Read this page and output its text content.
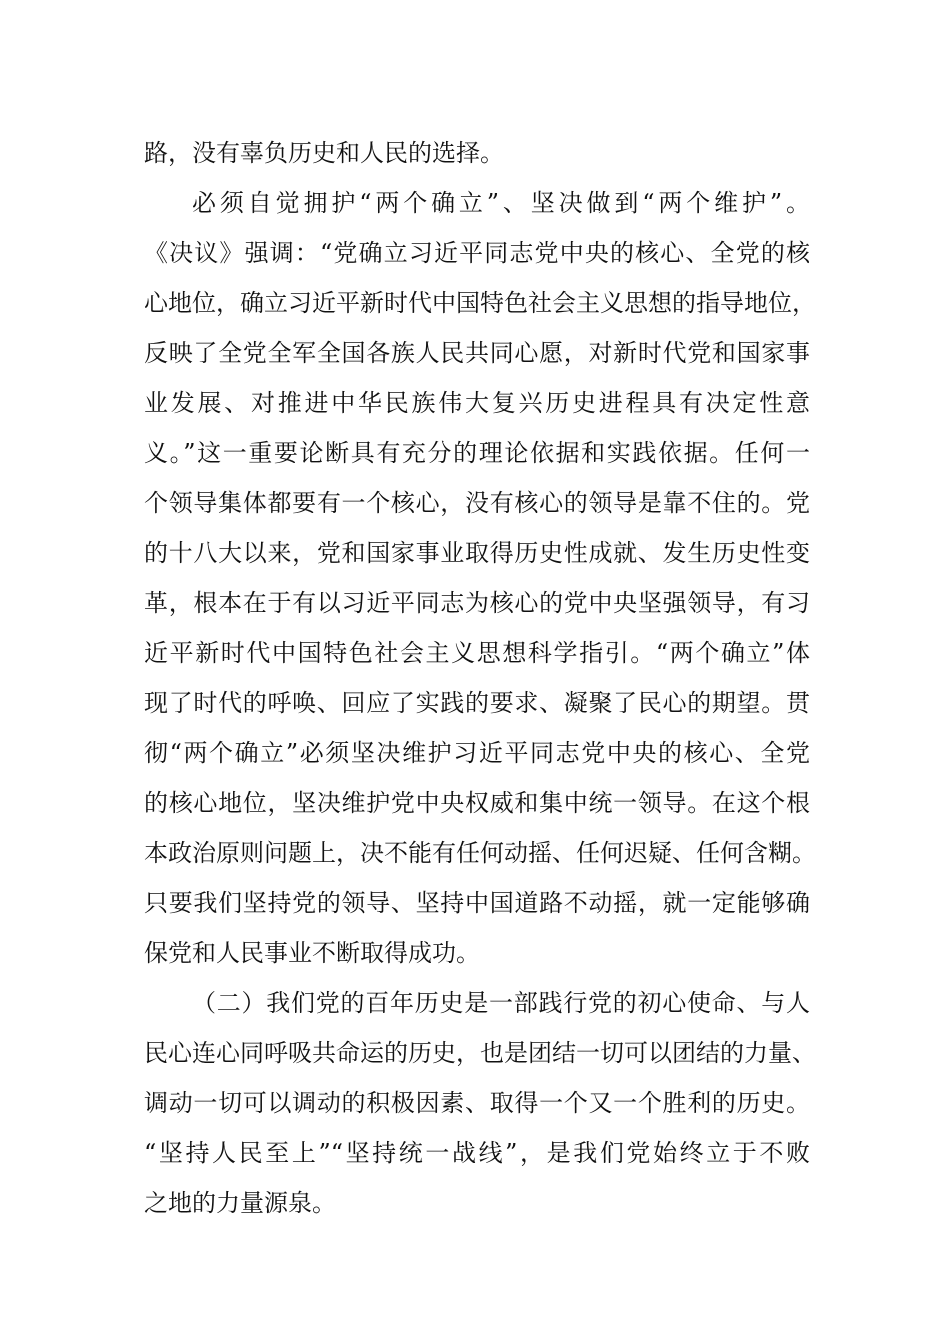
路，没有辜负历史和人民的选择。
必须自觉拥护“两个确立”、坚决做到“两个维护”。
《决议》强调：“党确立习近平同志党中央的核心、全党的核
心地位，确立习近平新时代中国特色社会主义思想的指导地位，
反映了全党全军全国各族人民共同心愿，对新时代党和国家事
业发展、对推进中华民族伟大复兴历史进程具有决定性意
义。”这一重要论断具有充分的理论依据和实践依据。任何一
个领导集体都要有一个核心，没有核心的领导是靠不住的。党
的十八大以来，党和国家事业取得历史性成就、发生历史性变
革，根本在于有以习近平同志为核心的党中央坚强领导，有习
近平新时代中国特色社会主义思想科学指引。“两个确立”体
现了时代的呼唤、回应了实践的要求、凝聚了民心的期望。贯
彻“两个确立”必须坚决维护习近平同志党中央的核心、全党
的核心地位，坚决维护党中央权威和集中统一领导。在这个根
本政治原则问题上，决不能有任何动摇、任何迟疑、任何含糊。
只要我们坚持党的领导、坚持中国道路不动摇，就一定能够确
保党和人民事业不断取得成功。
（二）我们党的百年历史是一部践行党的初心使命、与人
民心连心同呼吸共命运的历史，也是团结一切可以团结的力量、
调动一切可以调动的积极因素、取得一个又一个胜利的历史。
“坚持人民至上”“坚持统一战线”，是我们党始终立于不败
之地的力量源泉。
